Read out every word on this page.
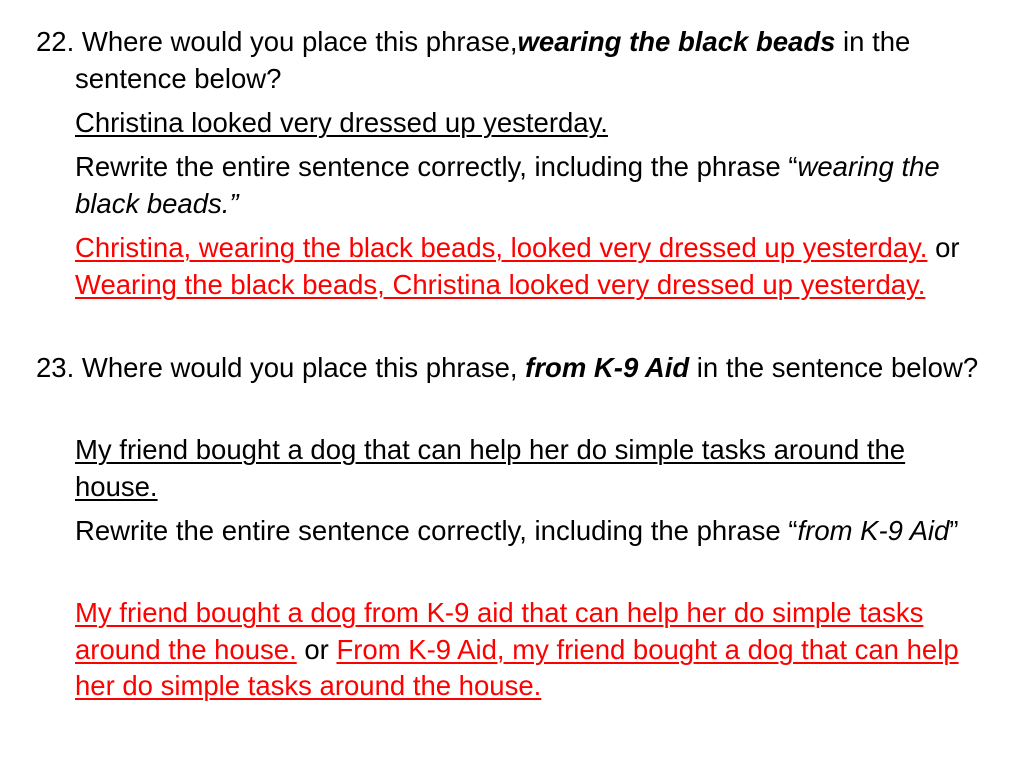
22. Where would you place this phrase,wearing the black beads in the sentence below?

Christina looked very dressed up yesterday.

Rewrite the entire sentence correctly, including the phrase “wearing the black beads.”

Christina, wearing the black beads, looked very dressed up yesterday. or Wearing the black beads, Christina looked very dressed up yesterday.

23. Where would you place this phrase, from K-9 Aid in the sentence below?

My friend bought a dog that can help her do simple tasks around the house.

Rewrite the entire sentence correctly, including the phrase “from K-9 Aid”

My friend bought a dog from K-9 aid that can help her do simple tasks around the house. or From K-9 Aid, my friend bought a dog that can help her do simple tasks around the house.
